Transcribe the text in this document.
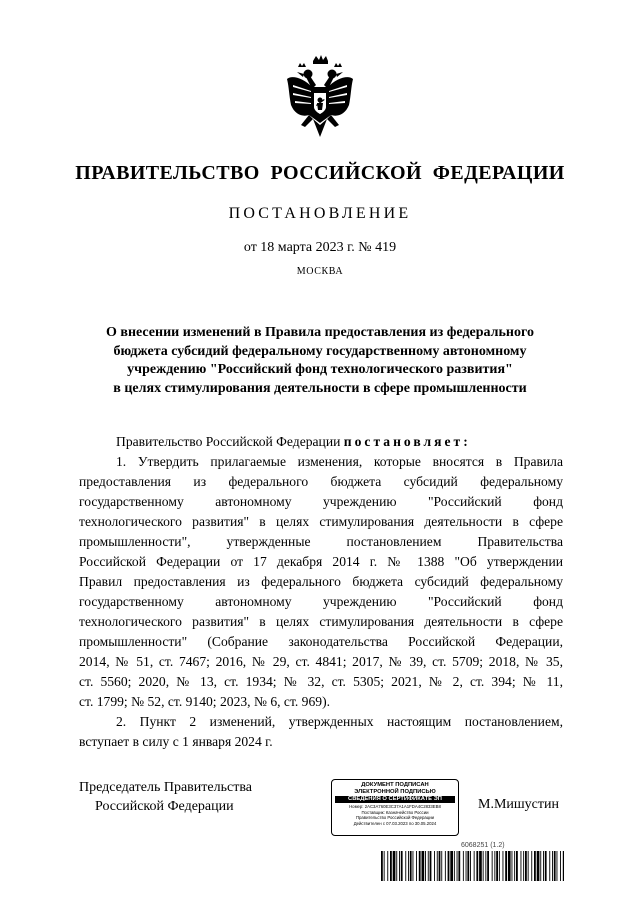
ПРАВИТЕЛЬСТВО  РОССИЙСКОЙ  ФЕДЕРАЦИИ
ПОСТАНОВЛЕНИЕ
от 18 марта 2023 г. № 419
МОСКВА
О внесении изменений в Правила предоставления из федерального
бюджета субсидий федеральному государственному автономному
учреждению "Российский фонд технологического развития"
в целях стимулирования деятельности в сфере промышленности
Правительство Российской Федерации постановляет:
1. Утвердить прилагаемые изменения, которые вносятся в Правила
предоставления из федерального бюджета субсидий федеральному
государственному автономному учреждению "Российский фонд
технологического развития" в целях стимулирования деятельности в сфере
промышленности", утвержденные постановлением Правительства
Российской Федерации от 17 декабря 2014 г. № 1388 "Об утверждении
Правил предоставления из федерального бюджета субсидий федеральному
государственному автономному учреждению "Российский фонд
технологического развития" в целях стимулирования деятельности в сфере
промышленности" (Собрание законодательства Российской Федерации,
2014, № 51, ст. 7467; 2016, № 29, ст. 4841; 2017, № 39, ст. 5709; 2018, № 35,
ст. 5560; 2020, № 13, ст. 1934; № 32, ст. 5305; 2021, № 2, ст. 394; № 11,
ст. 1799; № 52, ст. 9140; 2023, № 6, ст. 969).
2. Пункт 2 изменений, утвержденных настоящим постановлением,
вступает в силу с 1 января 2024 г.
Председатель Правительства
Российской Федерации
ДОКУМЕНТ ПОДПИСАН
ЭЛЕКТРОННОЙ ПОДПИСЬЮ
СВЕДЕНИЯ О СЕРТИФИКАТЕ ЭП
Номер: 2AC3A760E3C37A1A1FDA4C2833EB8
Поставщик: Казначейство России
Правительство Российской Федерации
Действителен с 07.03.2023 по 30.05.2024
М.Мишустин
6068251 (1.2)
